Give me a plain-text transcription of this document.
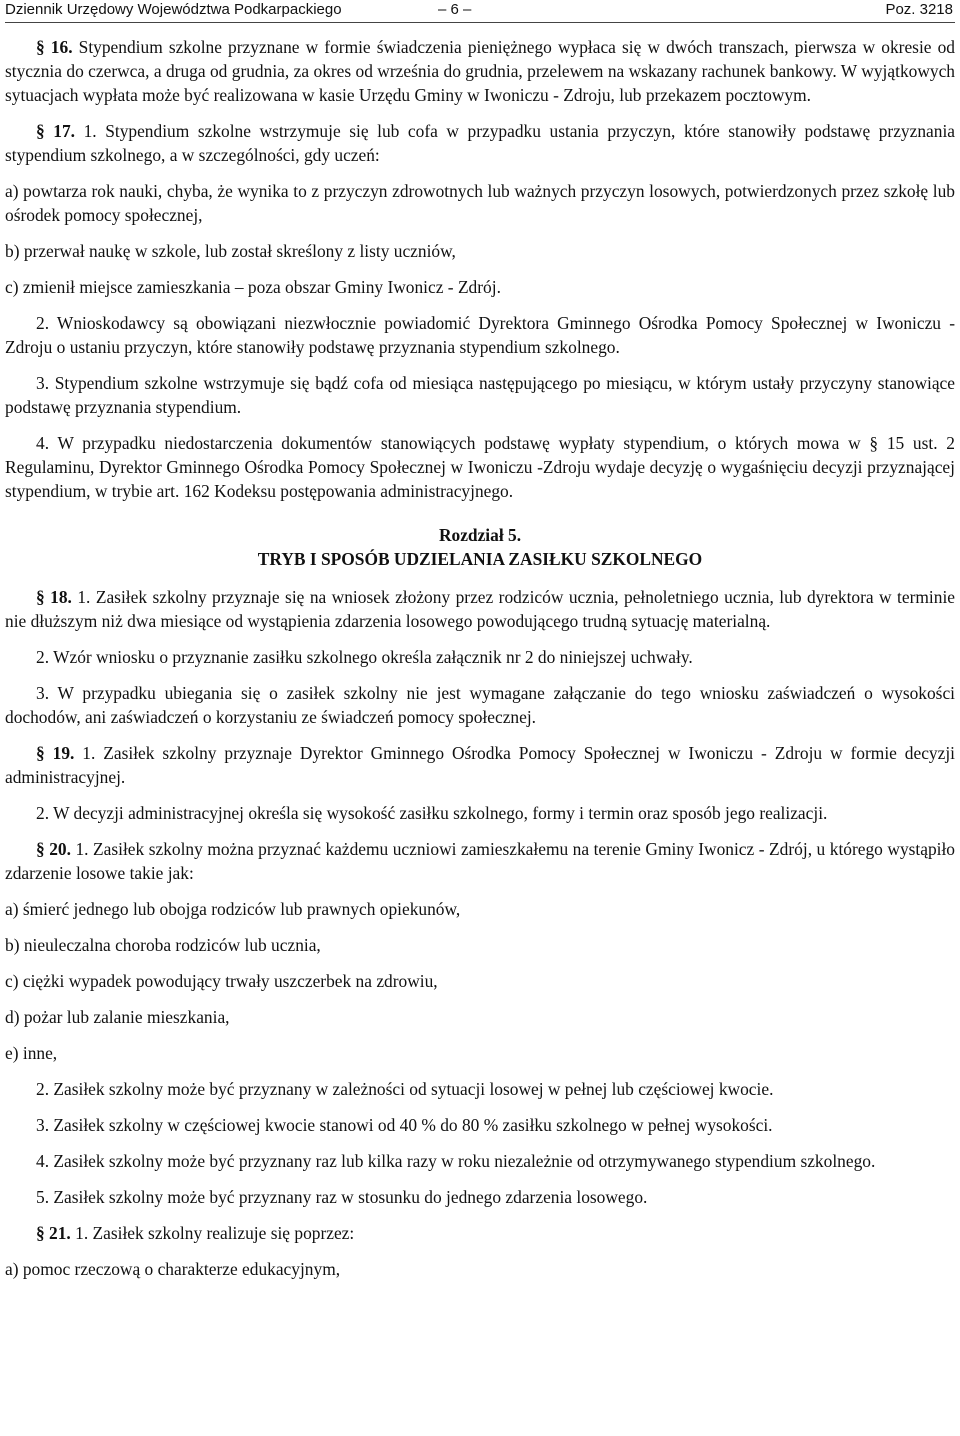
Dziennik Urzędowy Województwa Podkarpackiego	– 6 –	Poz. 3218

§ 16. Stypendium szkolne przyznane w formie świadczenia pieniężnego wypłaca się w dwóch transzach, pierwsza w okresie od stycznia do czerwca, a druga od grudnia, za okres od września do grudnia, przelewem na wskazany rachunek bankowy. W wyjątkowych sytuacjach wypłata może być realizowana w kasie Urzędu Gminy w Iwoniczu - Zdroju, lub przekazem pocztowym.

§ 17. 1. Stypendium szkolne wstrzymuje się lub cofa w przypadku ustania przyczyn, które stanowiły podstawę przyznania stypendium szkolnego, a w szczególności, gdy uczeń:

a) powtarza rok nauki, chyba, że wynika to z przyczyn zdrowotnych lub ważnych przyczyn losowych, potwierdzonych przez szkołę lub ośrodek pomocy społecznej,

b) przerwał naukę w szkole, lub został skreślony z listy uczniów,

c) zmienił miejsce zamieszkania – poza obszar Gminy Iwonicz - Zdrój.

2. Wnioskodawcy są obowiązani niezwłocznie powiadomić Dyrektora Gminnego Ośrodka Pomocy Społecznej w Iwoniczu - Zdroju o ustaniu przyczyn, które stanowiły podstawę przyznania stypendium szkolnego.

3. Stypendium szkolne wstrzymuje się bądź cofa od miesiąca następującego po miesiącu, w którym ustały przyczyny stanowiące podstawę przyznania stypendium.

4. W przypadku niedostarczenia dokumentów stanowiących podstawę wypłaty stypendium, o których mowa w § 15 ust. 2 Regulaminu, Dyrektor Gminnego Ośrodka Pomocy Społecznej w Iwoniczu -Zdroju wydaje decyzję o wygaśnięciu decyzji przyznającej stypendium, w trybie art. 162 Kodeksu postępowania administracyjnego.

Rozdział 5.
TRYB I SPOSÓB UDZIELANIA ZASIŁKU SZKOLNEGO

§ 18. 1. Zasiłek szkolny przyznaje się na wniosek złożony przez rodziców ucznia, pełnoletniego ucznia, lub dyrektora w terminie nie dłuższym niż dwa miesiące od wystąpienia zdarzenia losowego powodującego trudną sytuację materialną.

2. Wzór wniosku o przyznanie zasiłku szkolnego określa załącznik nr 2 do niniejszej uchwały.

3. W przypadku ubiegania się o zasiłek szkolny nie jest wymagane załączanie do tego wniosku zaświadczeń o wysokości dochodów, ani zaświadczeń o korzystaniu ze świadczeń pomocy społecznej.

§ 19. 1. Zasiłek szkolny przyznaje Dyrektor Gminnego Ośrodka Pomocy Społecznej w Iwoniczu - Zdroju w formie decyzji administracyjnej.

2. W decyzji administracyjnej określa się wysokość zasiłku szkolnego, formy i termin oraz sposób jego realizacji.

§ 20. 1. Zasiłek szkolny można przyznać każdemu uczniowi zamieszkałemu na terenie Gminy Iwonicz - Zdrój, u którego wystąpiło zdarzenie losowe takie jak:

a) śmierć jednego lub obojga rodziców lub prawnych opiekunów,

b) nieuleczalna choroba rodziców lub ucznia,

c) ciężki wypadek powodujący trwały uszczerbek na zdrowiu,

d) pożar lub zalanie mieszkania,

e) inne,

2. Zasiłek szkolny może być przyznany w zależności od sytuacji losowej w pełnej lub częściowej kwocie.

3. Zasiłek szkolny w częściowej kwocie stanowi od 40 % do 80 % zasiłku szkolnego w pełnej wysokości.

4. Zasiłek szkolny może być przyznany raz lub kilka razy w roku niezależnie od otrzymywanego stypendium szkolnego.

5. Zasiłek szkolny może być przyznany raz w stosunku do jednego zdarzenia losowego.

§ 21. 1. Zasiłek szkolny realizuje się poprzez:

a) pomoc rzeczową o charakterze edukacyjnym,
